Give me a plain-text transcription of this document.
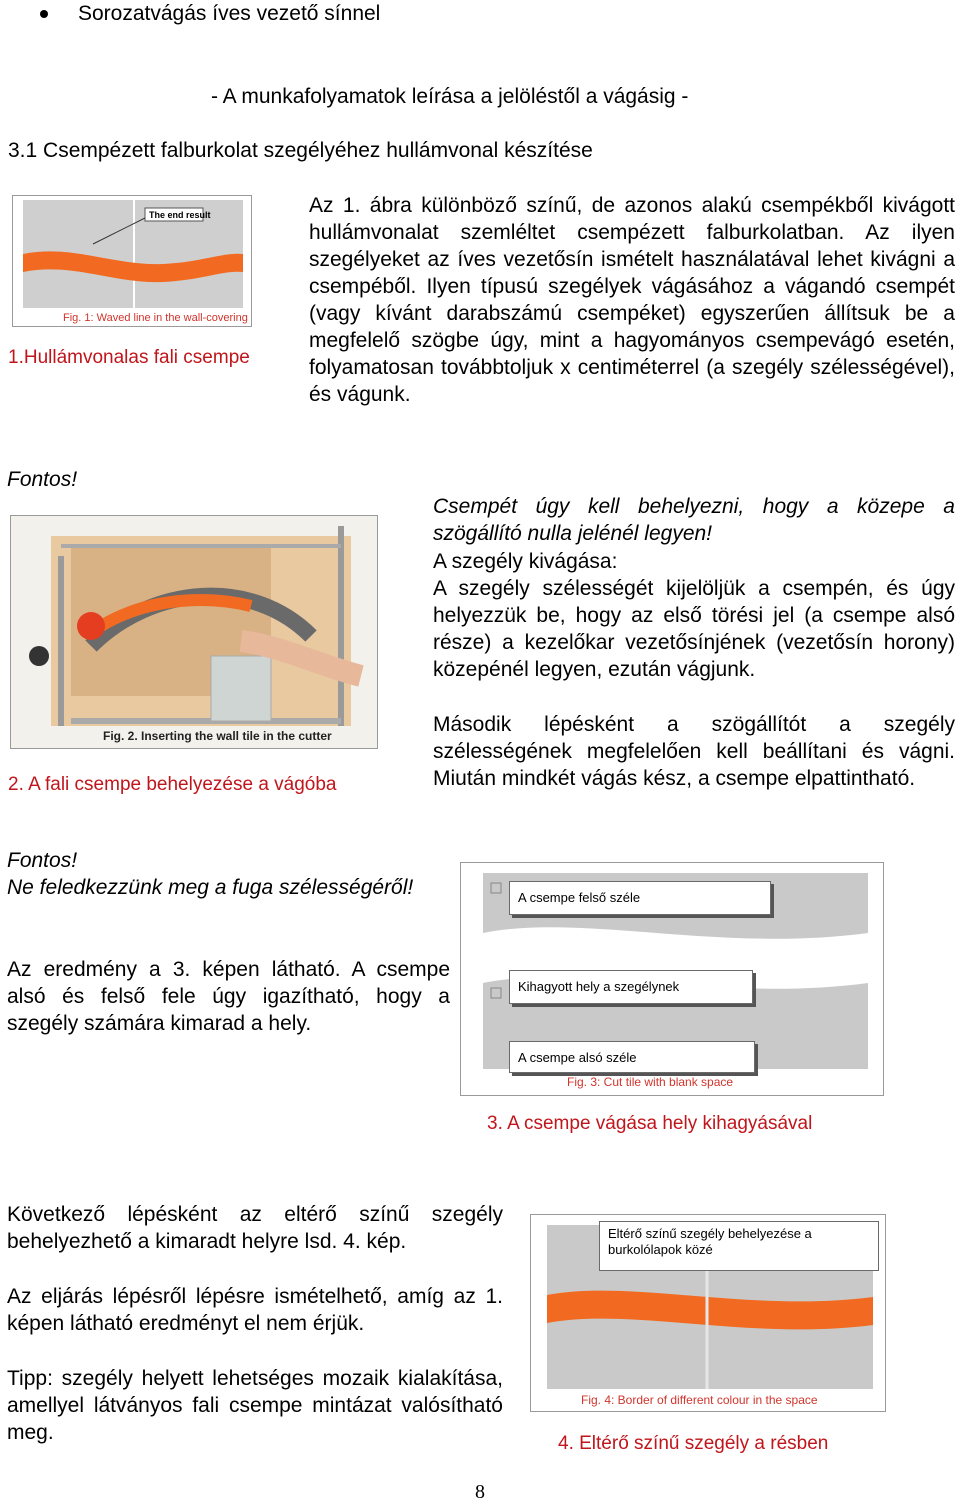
Sorozatvágás íves vezető sínnel
- A munkafolyamatok leírása a jelöléstől a vágásig -
3.1 Csempézett falburkolat szegélyéhez hullámvonal készítése
The end result
Fig. 1: Waved line in the wall-covering
1.Hullámvonalas fali csempe
Az 1. ábra különböző színű, de azonos alakú csempékből kivágott hullámvonalat szemléltet csempézett falburkolatban. Az ilyen szegélyeket az íves vezetősín ismételt használatával lehet kivágni a csempéből. Ilyen típusú szegélyek vágásához a vágandó csempét (vagy kívánt darabszámú csempéket) egyszerűen állítsuk be a megfelelő szögbe úgy, mint a hagyományos csempevágó esetén, folyamatosan továbbtoljuk x centiméterrel (a szegély szélességével), és vágunk.
Fontos!
Fig. 2. Inserting the wall tile in the cutter
2. A fali csempe behelyezése a vágóba
Csempét úgy kell behelyezni, hogy a közepe a szögállító nulla jelénél legyen!
A szegély kivágása:
A szegély szélességét kijelöljük a csempén, és úgy helyezzük be, hogy az első törési jel (a csempe alsó része) a kezelőkar vezetősínjének (vezetősín horony) közepénél legyen, ezután vágjunk.
Második lépésként a szögállítót a szegély szélességének megfelelően kell beállítani és vágni. Miután mindkét vágás kész, a csempe elpattintható.
Fontos!
Ne feledkezzünk meg a fuga szélességéről!
Az eredmény a 3. képen látható. A csempe alsó és felső fele úgy igazítható, hogy a szegély számára kimarad a hely.
A csempe felső széle
Kihagyott hely a szegélynek
A csempe alsó széle
Fig. 3: Cut tile with blank space
3. A csempe vágása hely kihagyásával
Következő lépésként az eltérő színű szegély behelyezhető a kimaradt helyre lsd. 4. kép.
Az eljárás lépésről lépésre ismételhető, amíg az 1. képen látható eredményt el nem érjük.
Tipp: szegély helyett lehetséges mozaik kialakítása, amellyel látványos fali csempe mintázat valósítható meg.
Eltérő színű szegély behelyezése a burkolólapok közé
Fig. 4: Border of different colour in the space
4. Eltérő színű szegély a résben
8
